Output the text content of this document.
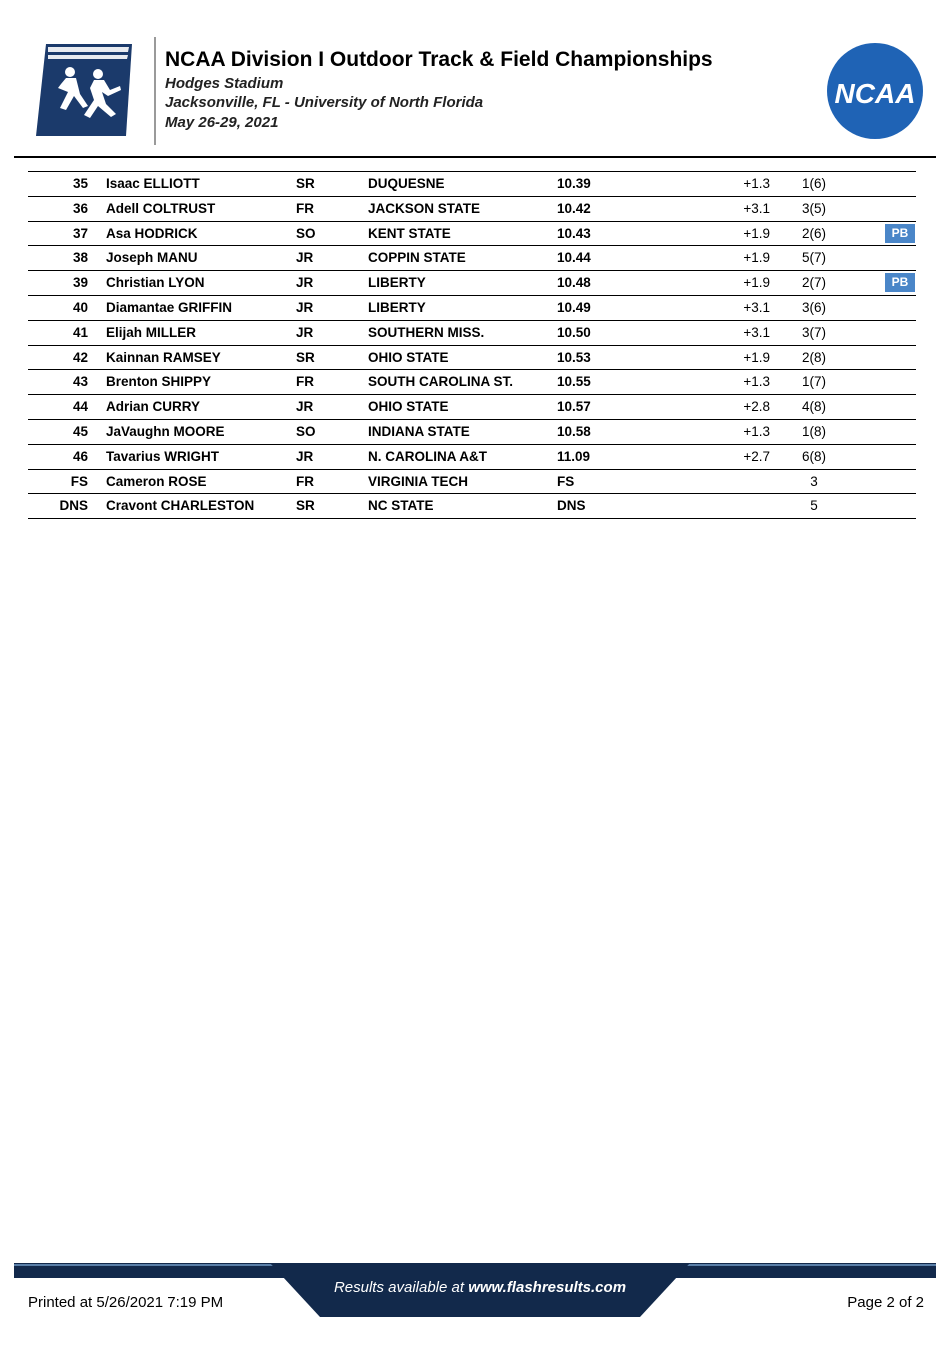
NCAA Division I Outdoor Track & Field Championships
Hodges Stadium
Jacksonville, FL - University of North Florida
May 26-29, 2021
NCAA
35 Isaac ELLIOTT	SR	DUQUESNE	10.39	+1.3 1(6)
36 Adell COLTRUST	FR	JACKSON STATE	10.42	+3.1 3(5)
37 Asa HODRICK	SO	KENT STATE	10.43	+1.9 2(6)	PB
38 Joseph MANU	JR	COPPIN STATE	10.44	+1.9 5(7)
39 Christian LYON	JR	LIBERTY	10.48	+1.9 2(7)	PB
40 Diamantae GRIFFIN	JR	LIBERTY	10.49	+3.1 3(6)
41 Elijah MILLER	JR	SOUTHERN MISS.	10.50	+3.1 3(7)
42 Kainnan RAMSEY	SR	OHIO STATE	10.53	+1.9 2(8)
43 Brenton SHIPPY	FR	SOUTH CAROLINA ST.	10.55	+1.3 1(7)
44 Adrian CURRY	JR	OHIO STATE	10.57	+2.8 4(8)
45 JaVaughn MOORE	SO	INDIANA STATE	10.58	+1.3 1(8)
46 Tavarius WRIGHT	JR	N. CAROLINA A&T	11.09	+2.7 6(8)
FS Cameron ROSE	FR	VIRGINIA TECH	FS	3
DNS Cravont CHARLESTON	SR	NC STATE	DNS	5
Results available at www.flashresults.com
Printed at 5/26/2021 7:19 PM	Page 2 of 2
